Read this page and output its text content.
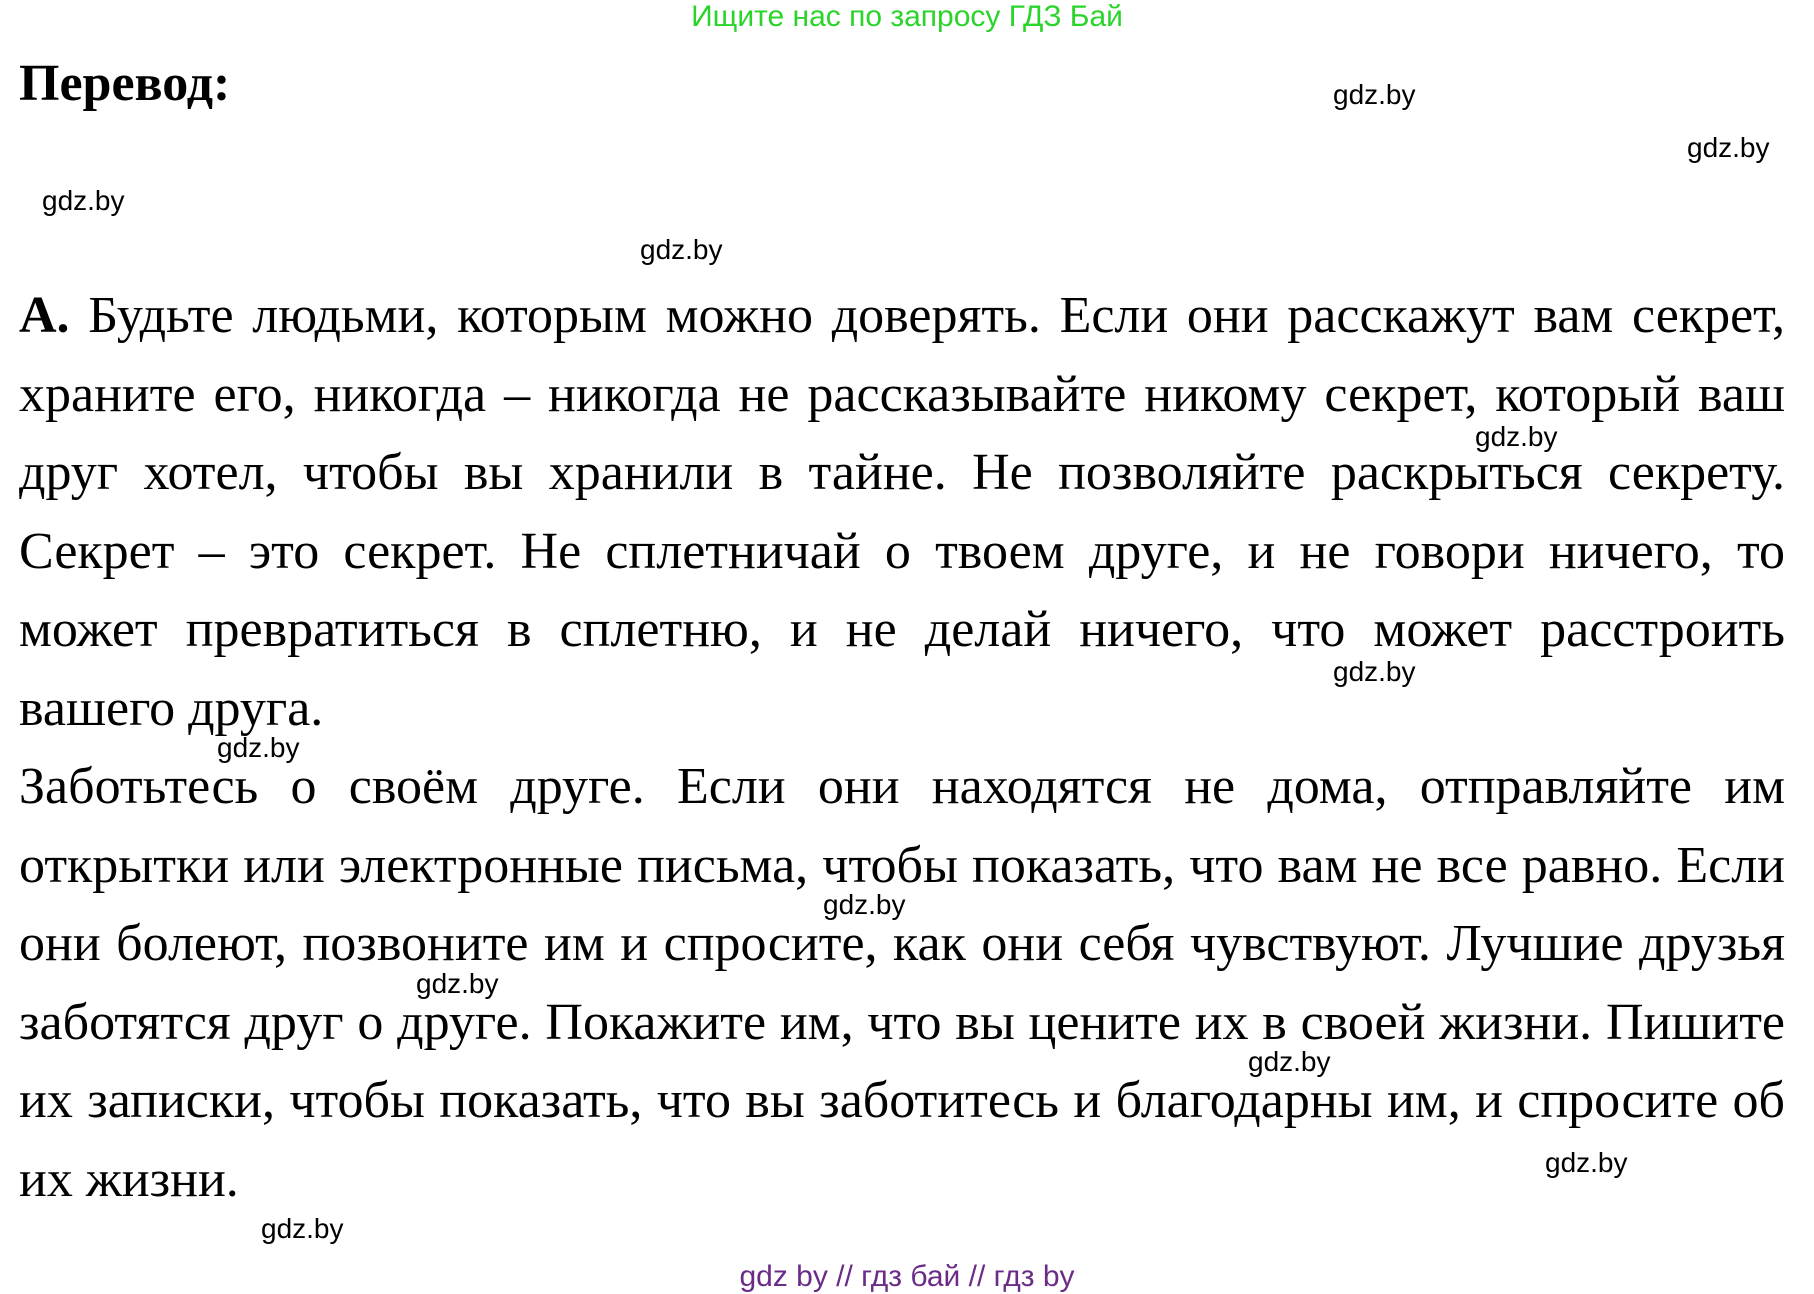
Ищите нас по запросу ГДЗ Бай
Перевод:

A. Будьте людьми, которым можно доверять. Если они расскажут вам секрет, храните его, никогда – никогда не рассказывайте никому секрет, который ваш друг хотел, чтобы вы хранили в тайне. Не позволяйте раскрыться секрету. Секрет – это секрет. Не сплетничай о твоем друге, и не говори ничего, то может превратиться в сплетню, и не делай ничего, что может расстроить вашего друга.

Заботьтесь о своём друге. Если они находятся не дома, отправляйте им открытки или электронные письма, чтобы показать, что вам не все равно. Если они болеют, позвоните им и спросите, как они себя чувствуют. Лучшие друзья заботятся друг о друге. Покажите им, что вы цените их в своей жизни. Пишите их записки, чтобы показать, что вы заботитесь и благодарны им, и спросите об их жизни.

gdz.by
gdz.by
gdz.by
gdz.by
gdz.by
gdz.by
gdz.by
gdz.by
gdz.by
gdz.by
gdz.by
gdz.by
gdz by // гдз бай // гдз by
